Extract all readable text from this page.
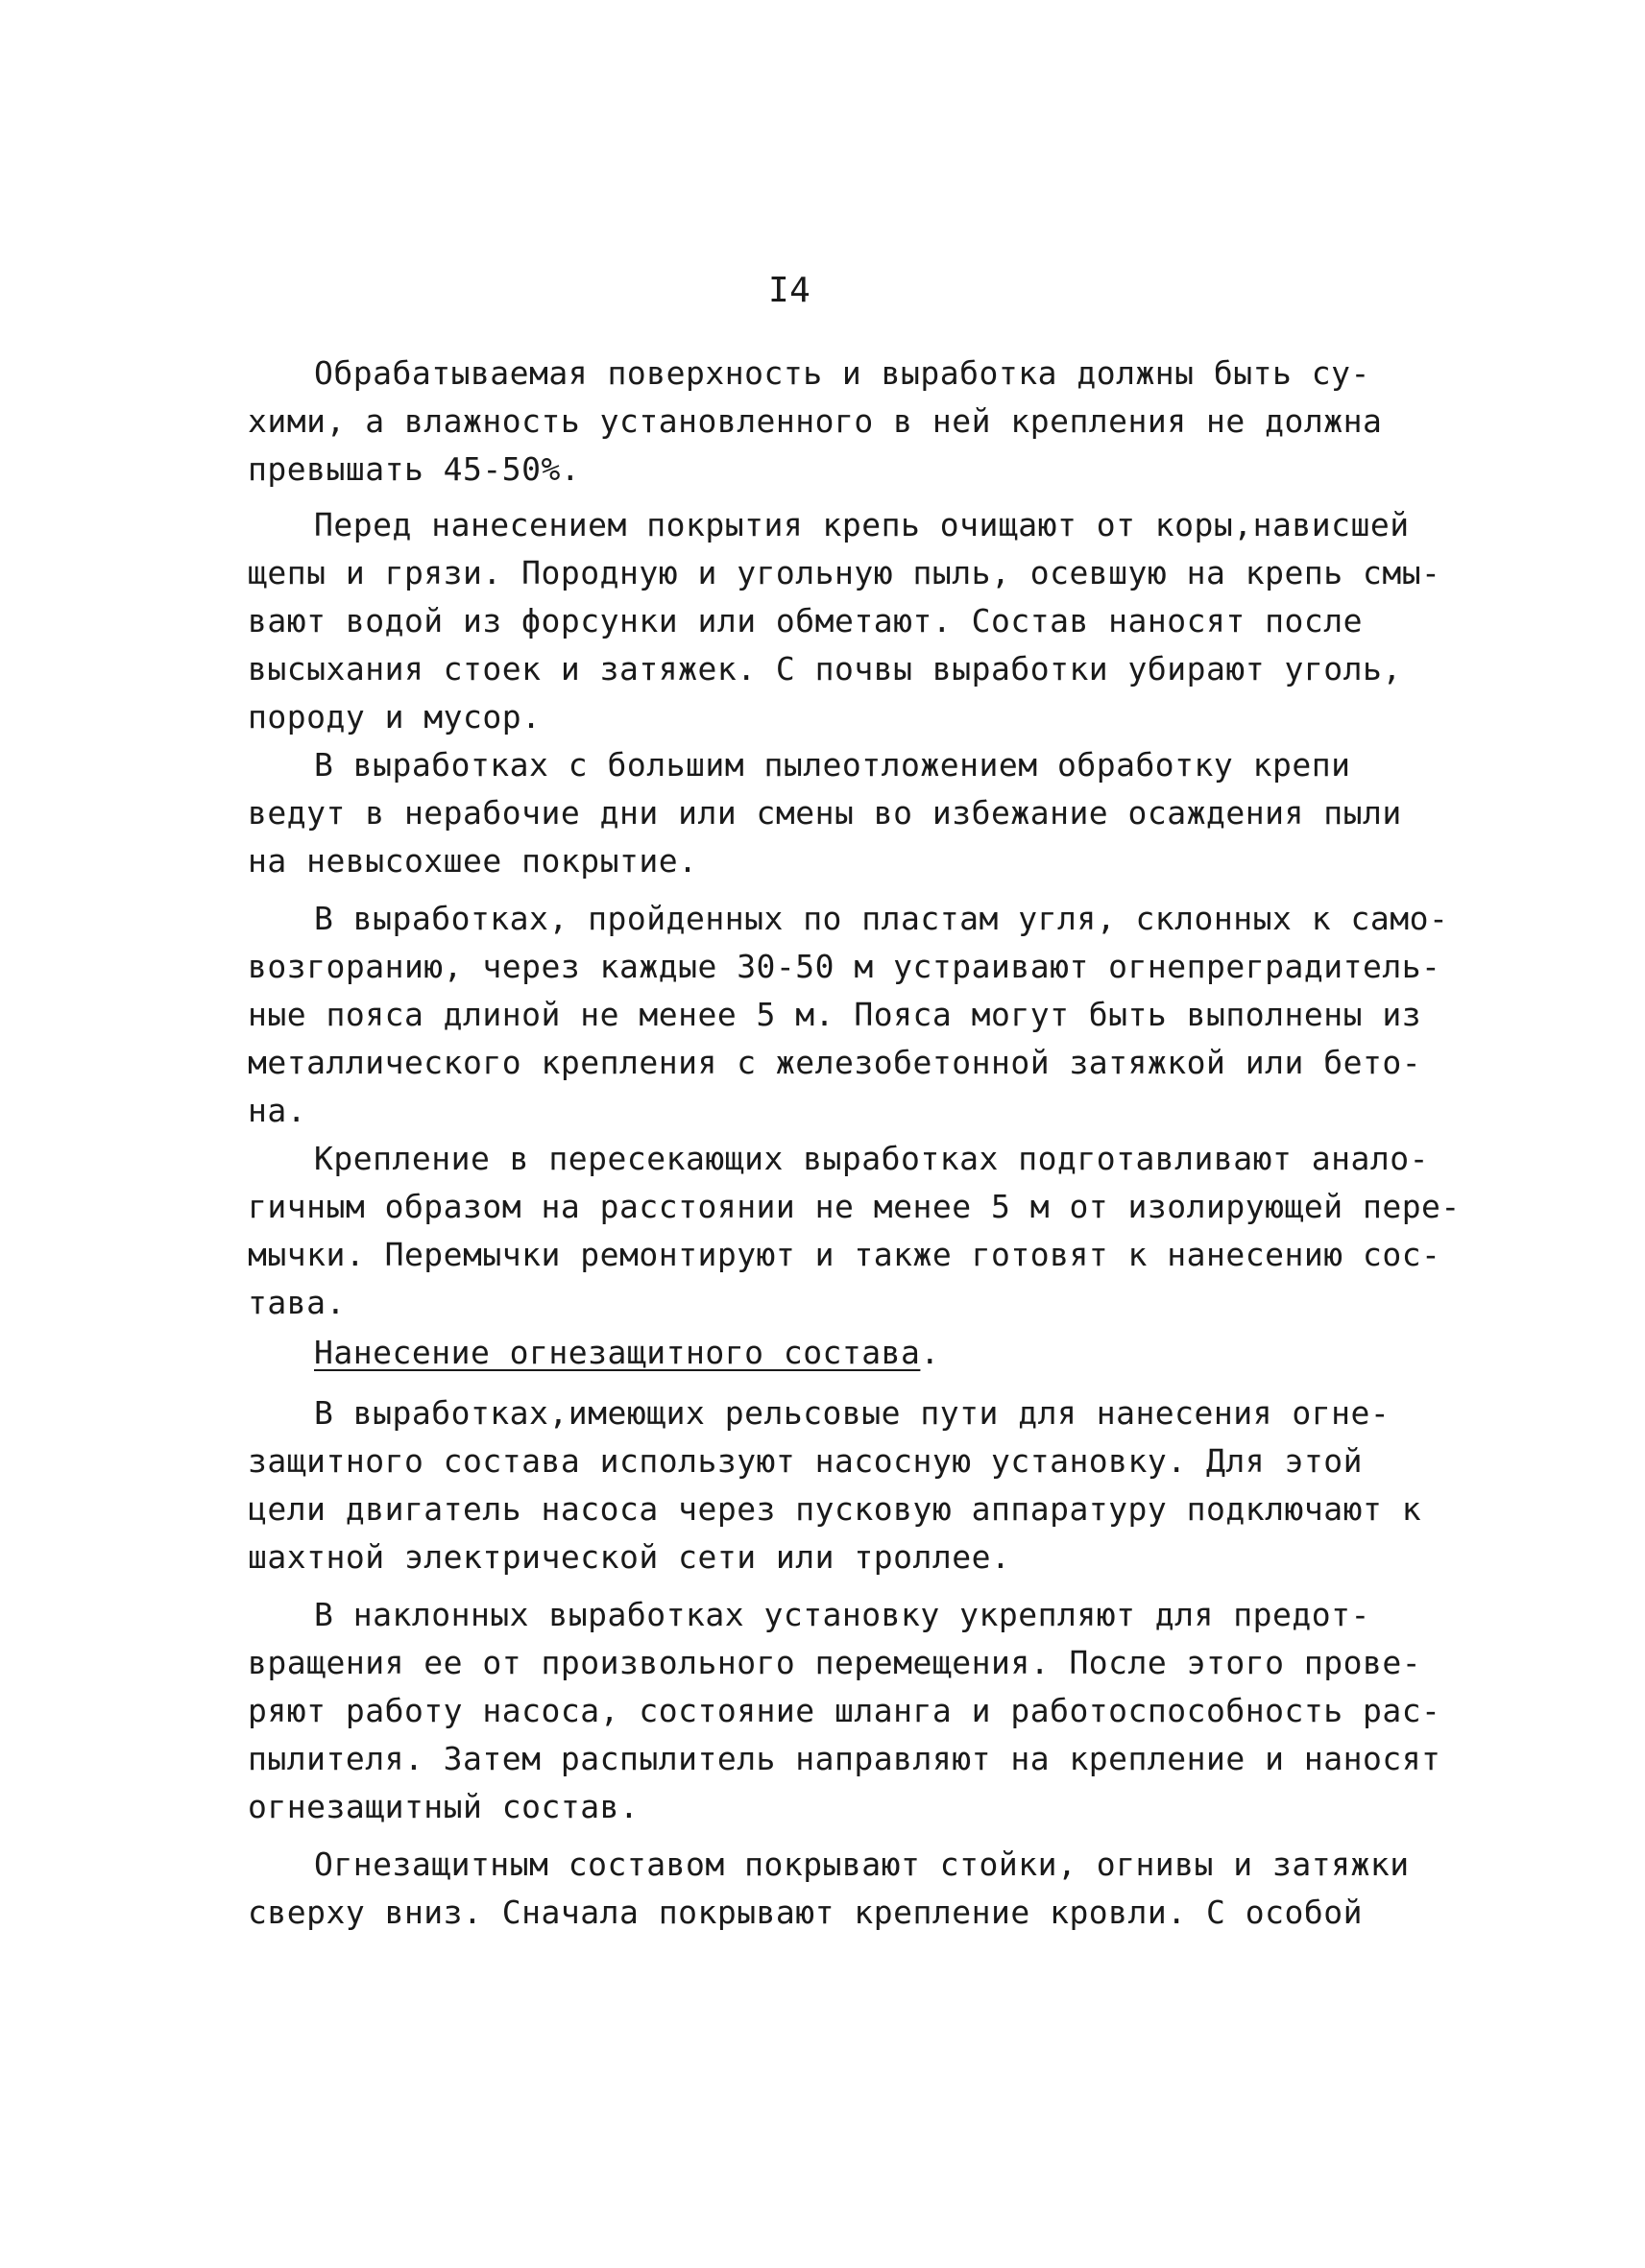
I4
Обрабатываемая поверхность и выработка должны быть су-
хими, а влажность установленного в ней крепления не должна
превышать 45-50%.
Перед нанесением покрытия крепь очищают от коры,нависшей
щепы и грязи. Породную и угольную пыль, осевшую на крепь смы-
вают водой из форсунки или обметают. Состав наносят после
высыхания стоек и затяжек. С почвы выработки убирают уголь,
породу и мусор.
В выработках с большим пылеотложением обработку крепи
ведут в нерабочие дни или смены во избежание осаждения пыли
на невысохшее покрытие.
В выработках, пройденных по пластам угля, склонных к само-
возгоранию, через каждые 30-50 м устраивают огнепреградитель-
ные пояса длиной не менее 5 м. Пояса могут быть выполнены из
металлического крепления с железобетонной затяжкой или бето-
на.
Крепление в пересекающих выработках подготавливают анало-
гичным образом на расстоянии не менее 5 м от изолирующей пере-
мычки. Перемычки ремонтируют и также готовят к нанесению сос-
тава.
Нанесение огнезащитного состава.
В выработках,имеющих рельсовые пути для нанесения огне-
защитного состава используют насосную установку. Для этой
цели двигатель насоса через пусковую аппаратуру подключают к
шахтной электрической сети или троллее.
В наклонных выработках установку укрепляют для предот-
вращения ее от произвольного перемещения. После этого прове-
ряют работу насоса, состояние шланга и работоспособность рас-
пылителя. Затем распылитель направляют на крепление и наносят
огнезащитный состав.
Огнезащитным составом покрывают стойки, огнивы и затяжки
сверху вниз. Сначала покрывают крепление кровли. С особой
